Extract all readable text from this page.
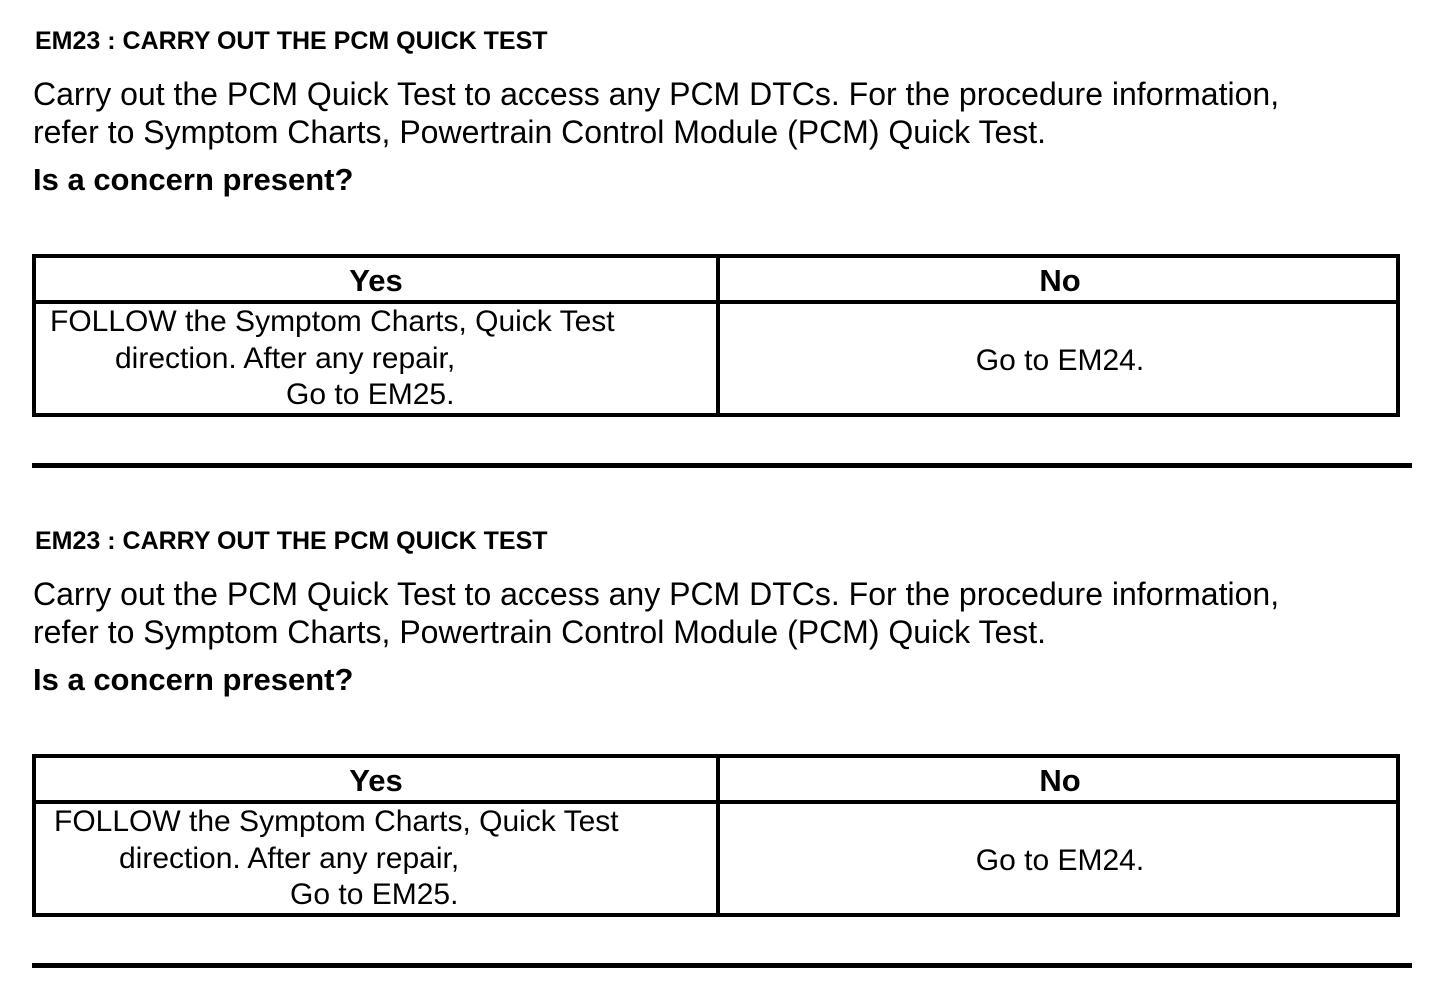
EM23 : CARRY OUT THE PCM QUICK TEST
Carry out the PCM Quick Test to access any PCM DTCs. For the procedure information,
refer to Symptom Charts, Powertrain Control Module (PCM) Quick Test.
Is a concern present?
Yes	No
FOLLOW the Symptom Charts, Quick Test
direction. After any repair,
Go to EM25.
Go to EM24.
EM23 : CARRY OUT THE PCM QUICK TEST
Carry out the PCM Quick Test to access any PCM DTCs. For the procedure information,
refer to Symptom Charts, Powertrain Control Module (PCM) Quick Test.
Is a concern present?
Yes	No
FOLLOW the Symptom Charts, Quick Test
direction. After any repair,
Go to EM25.
Go to EM24.
